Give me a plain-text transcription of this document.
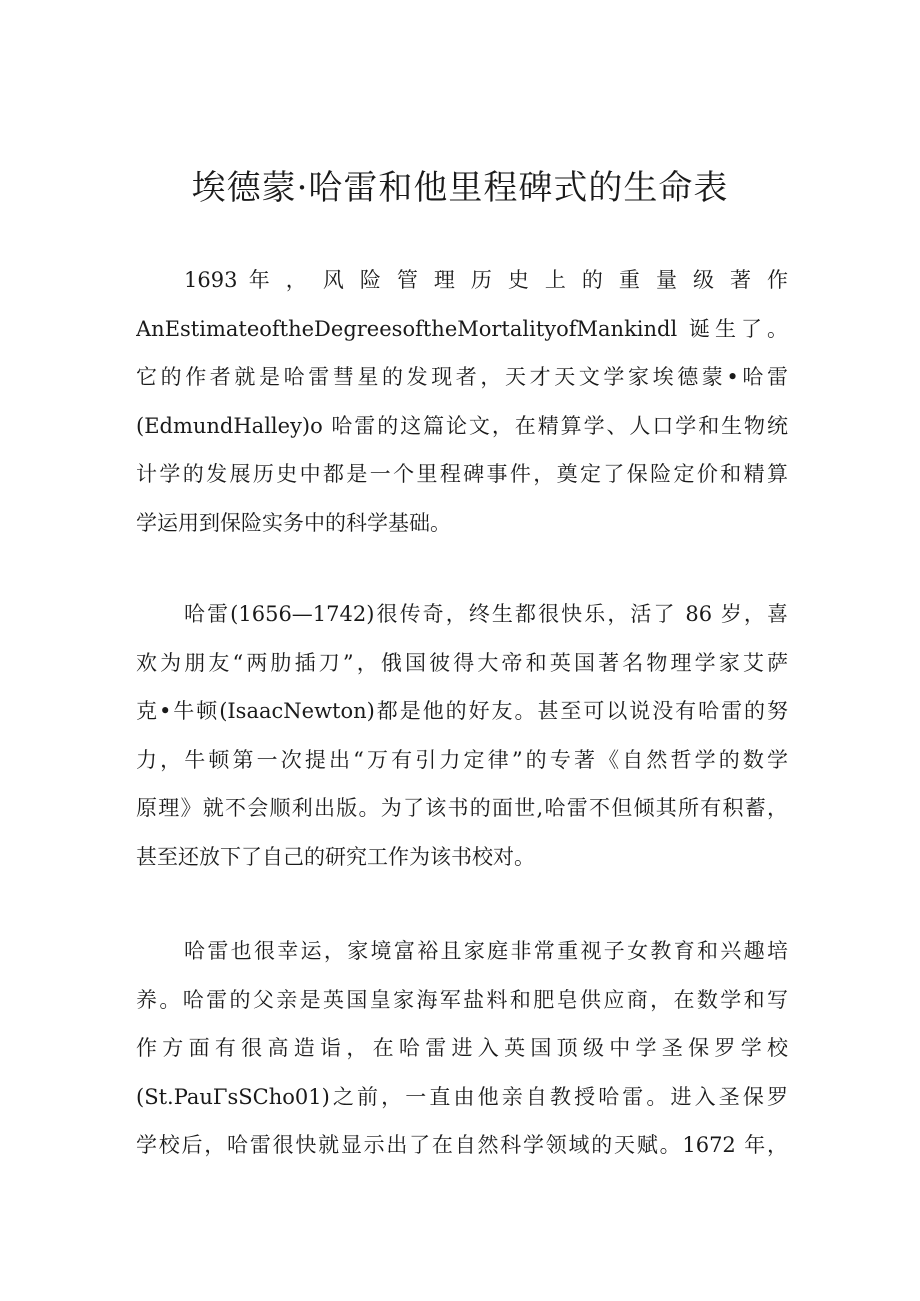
埃德蒙·哈雷和他里程碑式的生命表

1693 年 ， 风 险 管 理 历 史 上 的 重 量 级 著 作
AnEstimateoftheDegreesoftheMortalityofMankindl 诞生了。
它的作者就是哈雷彗星的发现者，天才天文学家埃德蒙•哈雷
(EdmundHalley)o 哈雷的这篇论文，在精算学、人口学和生物统
计学的发展历史中都是一个里程碑事件，奠定了保险定价和精算
学运用到保险实务中的科学基础。

哈雷(1656—1742)很传奇，终生都很快乐，活了 86 岁，喜
欢为朋友“两肋插刀”，俄国彼得大帝和英国著名物理学家艾萨
克•牛顿(IsaacNewton)都是他的好友。甚至可以说没有哈雷的努
力，牛顿第一次提出“万有引力定律”的专著《自然哲学的数学
原理》就不会顺利出版。为了该书的面世,哈雷不但倾其所有积蓄，
甚至还放下了自己的研究工作为该书校对。

哈雷也很幸运，家境富裕且家庭非常重视子女教育和兴趣培
养。哈雷的父亲是英国皇家海军盐料和肥皂供应商，在数学和写
作方面有很高造诣，在哈雷进入英国顶级中学圣保罗学校
(St.PauΓsSCho01)之前，一直由他亲自教授哈雷。进入圣保罗
学校后，哈雷很快就显示出了在自然科学领域的天赋。1672 年，
